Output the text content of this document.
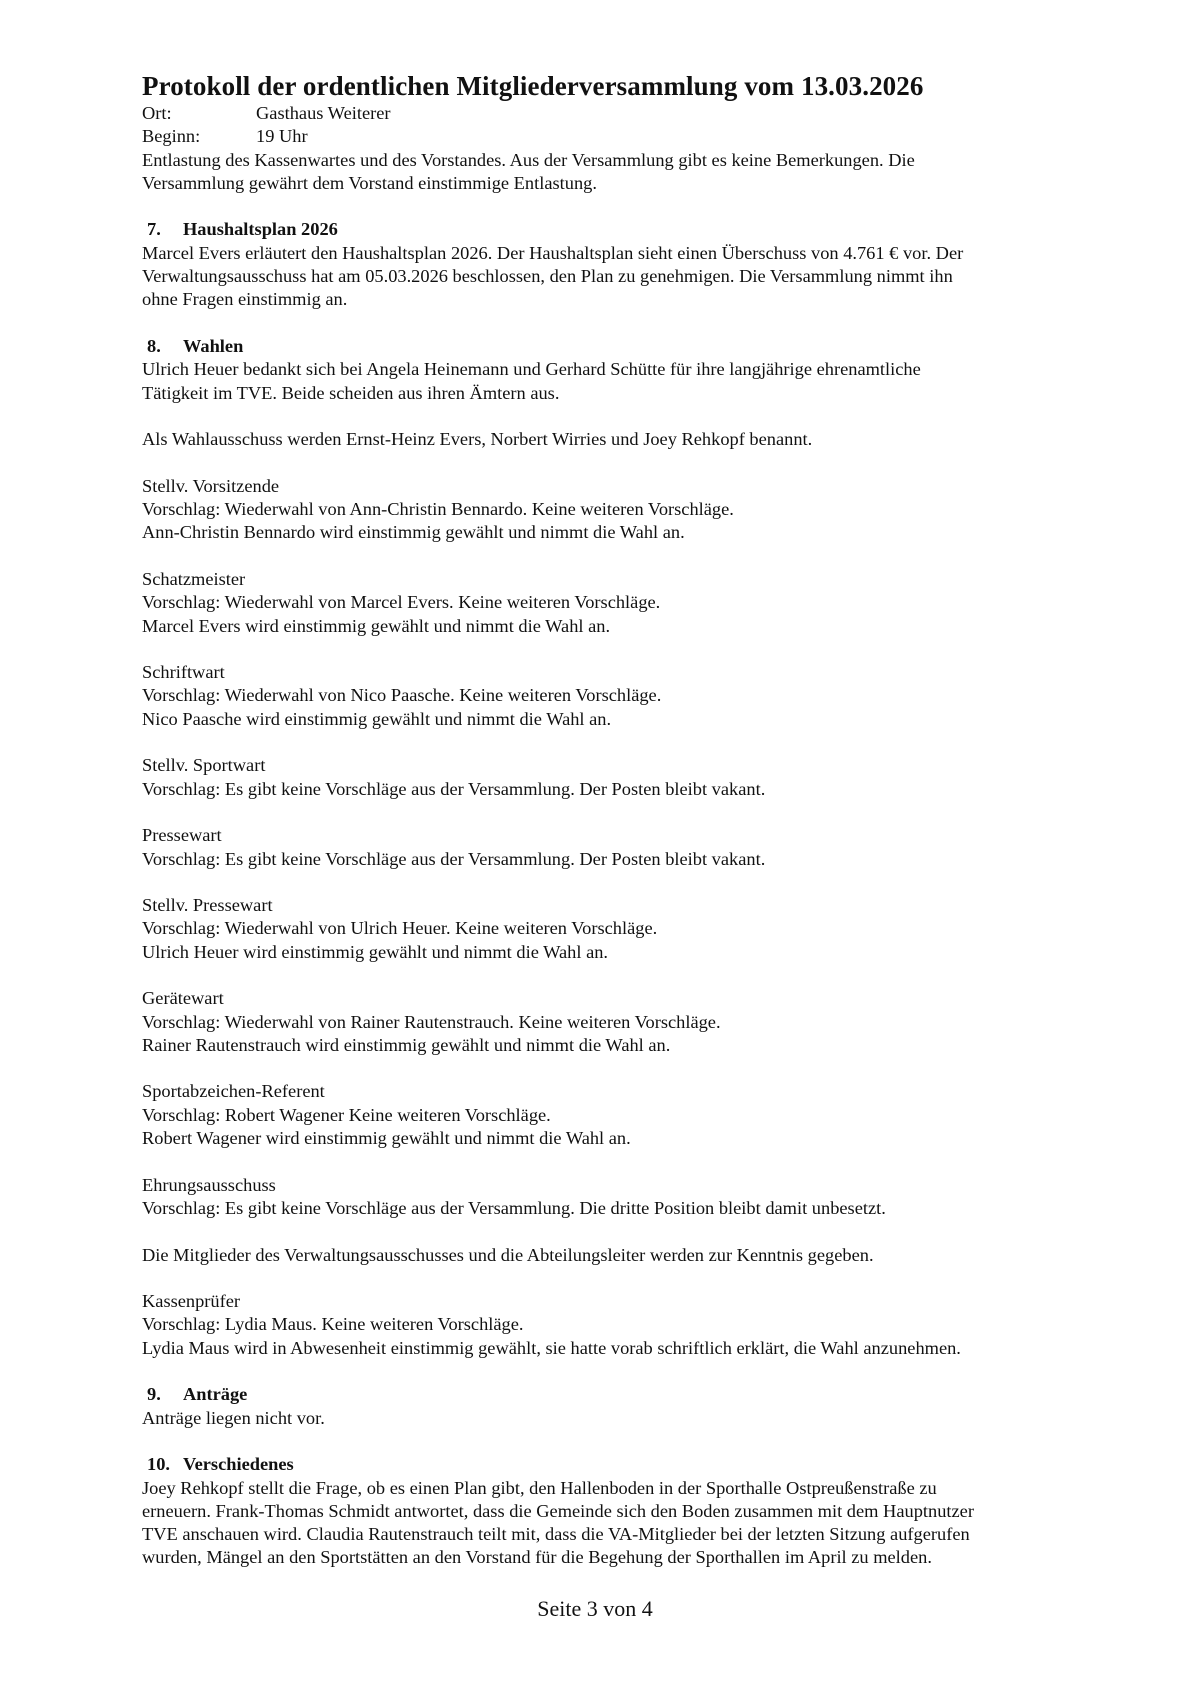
Protokoll der ordentlichen Mitgliederversammlung vom 13.03.2026
Ort:	Gasthaus Weiterer
Beginn:	19 Uhr

Entlastung des Kassenwartes und des Vorstandes. Aus der Versammlung gibt es keine Bemerkungen. Die

Versammlung gewährt dem Vorstand einstimmige Entlastung.

7.	Haushaltsplan 2026

Marcel Evers erläutert den Haushaltsplan 2026. Der Haushaltsplan sieht einen Überschuss von 4.761 € vor. Der

Verwaltungsausschuss hat am 05.03.2026 beschlossen, den Plan zu genehmigen. Die Versammlung nimmt ihn

ohne Fragen einstimmig an.

8.	Wahlen

Ulrich Heuer bedankt sich bei Angela Heinemann und Gerhard Schütte für ihre langjährige ehrenamtliche

Tätigkeit im TVE. Beide scheiden aus ihren Ämtern aus.

Als Wahlausschuss werden Ernst-Heinz Evers, Norbert Wirries und Joey Rehkopf benannt.

Stellv. Vorsitzende

Vorschlag: Wiederwahl von Ann-Christin Bennardo. Keine weiteren Vorschläge.

Ann-Christin Bennardo wird einstimmig gewählt und nimmt die Wahl an.

Schatzmeister

Vorschlag: Wiederwahl von Marcel Evers. Keine weiteren Vorschläge.

Marcel Evers wird einstimmig gewählt und nimmt die Wahl an.

Schriftwart

Vorschlag: Wiederwahl von Nico Paasche. Keine weiteren Vorschläge.

Nico Paasche wird einstimmig gewählt und nimmt die Wahl an.

Stellv. Sportwart

Vorschlag: Es gibt keine Vorschläge aus der Versammlung. Der Posten bleibt vakant.

Pressewart

Vorschlag: Es gibt keine Vorschläge aus der Versammlung. Der Posten bleibt vakant.

Stellv. Pressewart

Vorschlag: Wiederwahl von Ulrich Heuer. Keine weiteren Vorschläge.

Ulrich Heuer wird einstimmig gewählt und nimmt die Wahl an.

Gerätewart

Vorschlag: Wiederwahl von Rainer Rautenstrauch. Keine weiteren Vorschläge.

Rainer Rautenstrauch wird einstimmig gewählt und nimmt die Wahl an.

Sportabzeichen-Referent

Vorschlag: Robert Wagener Keine weiteren Vorschläge.

Robert Wagener wird einstimmig gewählt und nimmt die Wahl an.

Ehrungsausschuss

Vorschlag: Es gibt keine Vorschläge aus der Versammlung. Die dritte Position bleibt damit unbesetzt.

Die Mitglieder des Verwaltungsausschusses und die Abteilungsleiter werden zur Kenntnis gegeben.

Kassenprüfer

Vorschlag: Lydia Maus. Keine weiteren Vorschläge.

Lydia Maus wird in Abwesenheit einstimmig gewählt, sie hatte vorab schriftlich erklärt, die Wahl anzunehmen.

9.	Anträge

Anträge liegen nicht vor.

10. Verschiedenes

Joey Rehkopf stellt die Frage, ob es einen Plan gibt, den Hallenboden in der Sporthalle Ostpreußenstraße zu

erneuern. Frank-Thomas Schmidt antwortet, dass die Gemeinde sich den Boden zusammen mit dem Hauptnutzer

TVE anschauen wird. Claudia Rautenstrauch teilt mit, dass die VA-Mitglieder bei der letzten Sitzung aufgerufen

wurden, Mängel an den Sportstätten an den Vorstand für die Begehung der Sporthallen im April zu melden.

Seite 3 von 4
